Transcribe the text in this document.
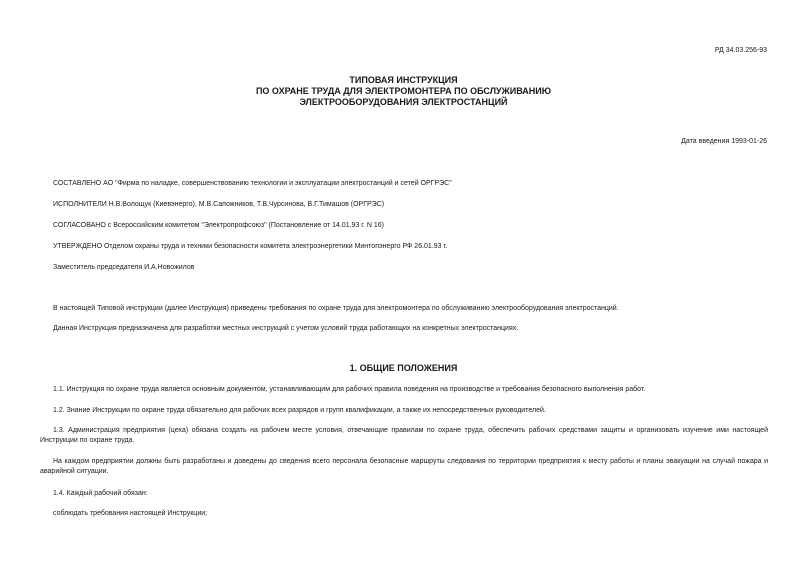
РД 34.03.256-93
ТИПОВАЯ ИНСТРУКЦИЯ
ПО ОХРАНЕ ТРУДА ДЛЯ ЭЛЕКТРОМОНТЕРА ПО ОБСЛУЖИВАНИЮ
ЭЛЕКТРООБОРУДОВАНИЯ ЭЛЕКТРОСТАНЦИЙ
Дата введения 1993-01-26
СОСТАВЛЕНО АО "Фирма по наладке, совершенствованию технологии и эксплуатации электростанций и сетей ОРГРЭС"
ИСПОЛНИТЕЛИ Н.В.Волощук (Киевэнерго), М.В.Сапожников, Т.В.Чурсинова, В.Г.Тимашов (ОРГРЭС)
СОГЛАСОВАНО с Всероссийским комитетом "Электропрофсоюз" (Постановление от 14.01.93 г. N 16)
УТВЕРЖДЕНО Отделом охраны труда и техники безопасности комитета электроэнергетики Минтопэнерго РФ 26.01.93 г.
Заместитель председателя И.А.Новожилов
В настоящей Типовой инструкции (далее Инструкция) приведены требования по охране труда для электромонтера по обслуживанию электрооборудования электростанций.
Данная Инструкция предназначена для разработки местных инструкций с учетом условий труда работающих на конкретных электростанциях.
1. ОБЩИЕ ПОЛОЖЕНИЯ
1.1. Инструкция по охране труда является основным документом, устанавливающим для рабочих правила поведения на производстве и требования безопасного выполнения работ.
1.2. Знание Инструкции по охране труда обязательно для рабочих всех разрядов и групп квалификации, а также их непосредственных руководителей.
1.3. Администрация предприятия (цеха) обязана создать на рабочем месте условия, отвечающие правилам по охране труда, обеспечить рабочих средствами защиты и организовать изучение ими настоящей Инструкции по охране труда.
На каждом предприятии должны быть разработаны и доведены до сведения всего персонала безопасные маршруты следования по территории предприятия к месту работы и планы эвакуации на случай пожара и аварийной ситуации.
1.4. Каждый рабочий обязан:
соблюдать требования настоящей Инструкции;
